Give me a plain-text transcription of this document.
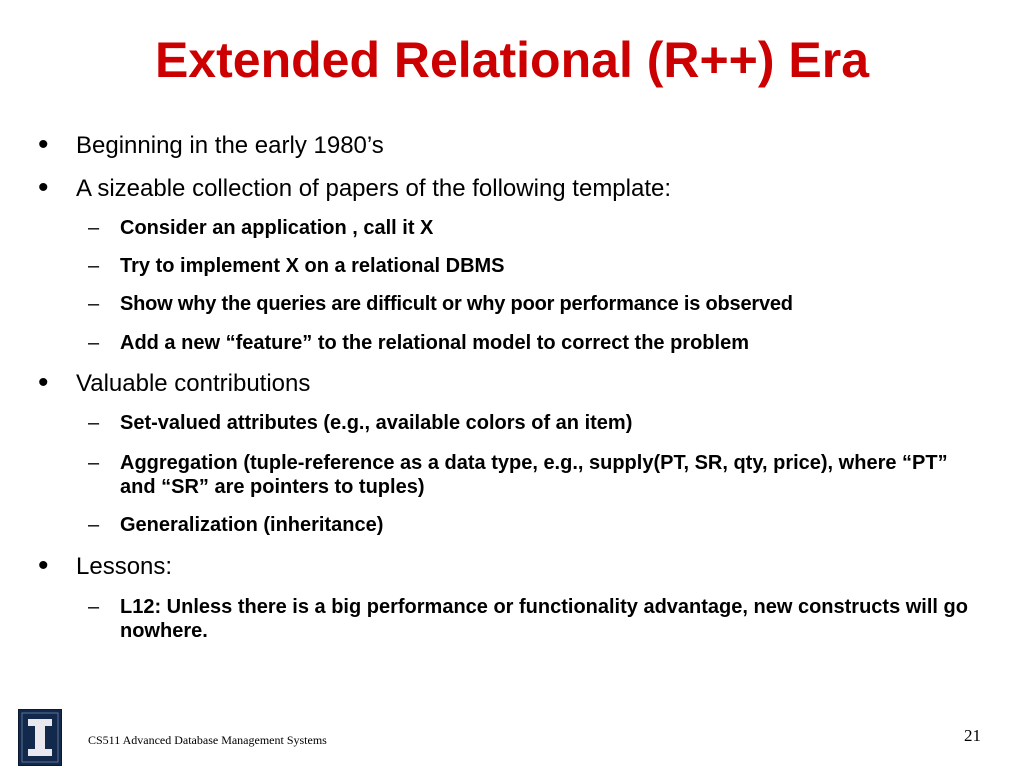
Extended Relational (R++) Era
• Beginning in the early 1980’s
• A sizeable collection of papers of the following template:
– Consider an application , call it X
– Try to implement X on a relational DBMS
– Show why the queries are difficult or why poor performance is observed
– Add a new “feature” to the relational model to correct the problem
• Valuable contributions
– Set-valued attributes (e.g., available colors of an item)
– Aggregation (tuple-reference as a data type, e.g., supply(PT, SR, qty, price), where “PT” and “SR” are pointers to tuples)
– Generalization (inheritance)
• Lessons:
– L12: Unless there is a big performance or functionality advantage, new constructs will go nowhere.
CS511 Advanced Database Management Systems	21
